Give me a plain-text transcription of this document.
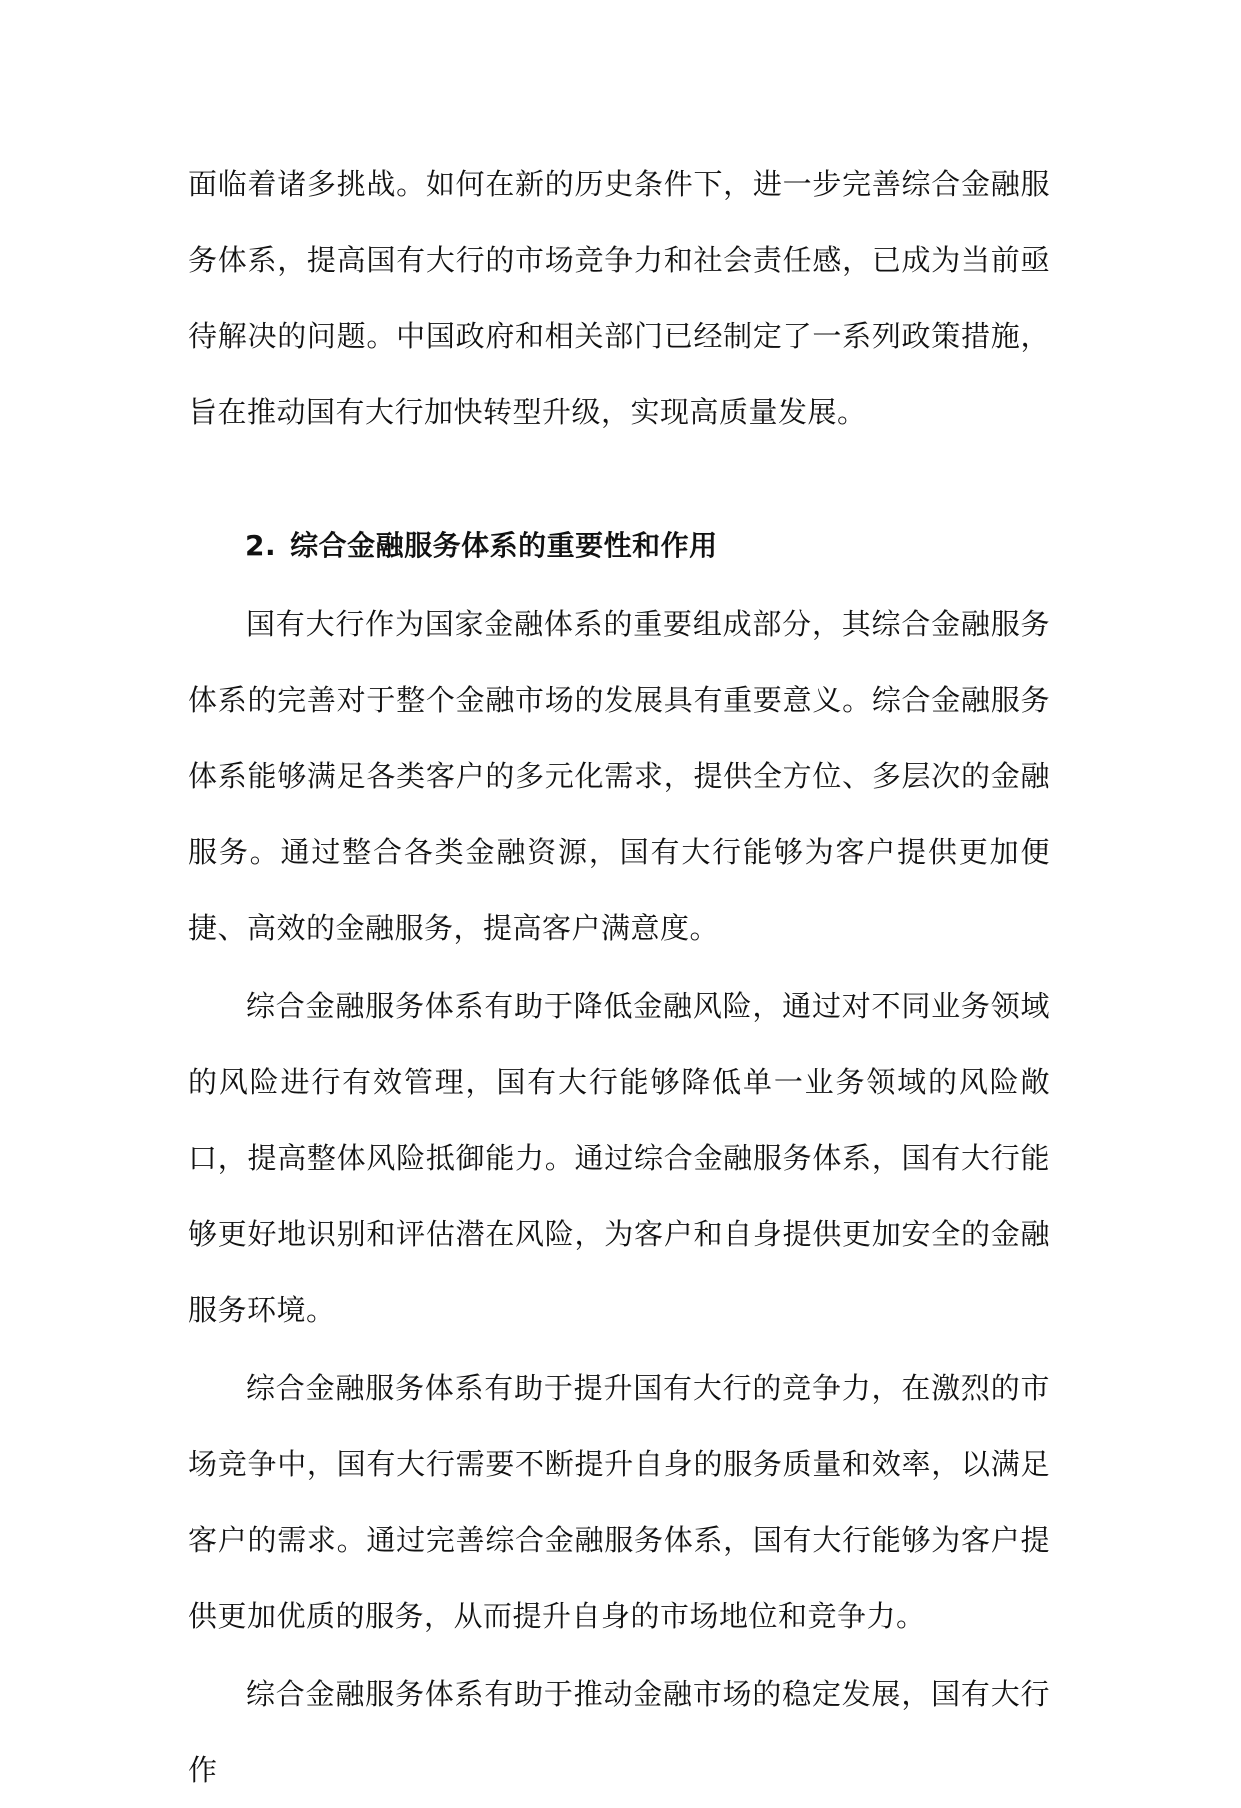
面临着诸多挑战。如何在新的历史条件下，进一步完善综合金融服务体系，提高国有大行的市场竞争力和社会责任感，已成为当前亟待解决的问题。中国政府和相关部门已经制定了一系列政策措施，旨在推动国有大行加快转型升级，实现高质量发展。

2. 综合金融服务体系的重要性和作用

国有大行作为国家金融体系的重要组成部分，其综合金融服务体系的完善对于整个金融市场的发展具有重要意义。综合金融服务体系能够满足各类客户的多元化需求，提供全方位、多层次的金融服务。通过整合各类金融资源，国有大行能够为客户提供更加便捷、高效的金融服务，提高客户满意度。

综合金融服务体系有助于降低金融风险，通过对不同业务领域的风险进行有效管理，国有大行能够降低单一业务领域的风险敞口，提高整体风险抵御能力。通过综合金融服务体系，国有大行能够更好地识别和评估潜在风险，为客户和自身提供更加安全的金融服务环境。

综合金融服务体系有助于提升国有大行的竞争力，在激烈的市场竞争中，国有大行需要不断提升自身的服务质量和效率，以满足客户的需求。通过完善综合金融服务体系，国有大行能够为客户提供更加优质的服务，从而提升自身的市场地位和竞争力。

综合金融服务体系有助于推动金融市场的稳定发展，国有大行作
